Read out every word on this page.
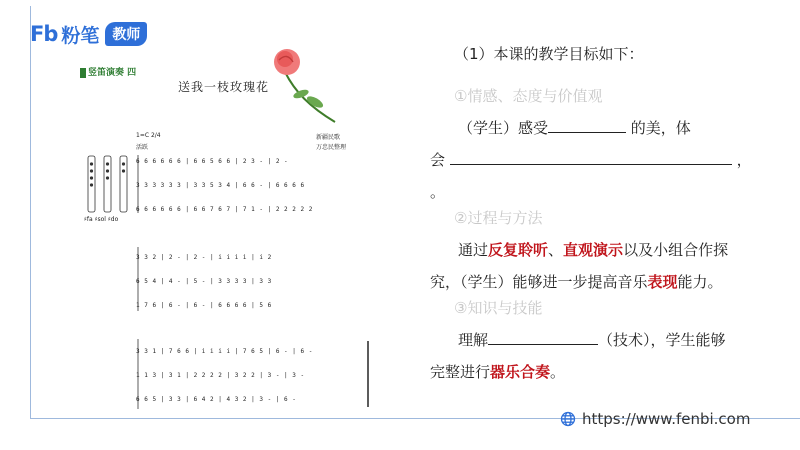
Fb 粉笔 教师
竖笛演奏 四
送我一枝玫瑰花
1=C 2/4
活跃
新疆民歌
万忠民整理
♯fa ♯sol ♯do
6 6 6 6 6 6 | 6 6 5 6 6 | 2 3 - | 2 -
3 3 3 3 3 3 | 3 3 5 3 4 | 6 6 - | 6 6 6 6
6 6 6 6 6 6 | 6 6 7 6 7 | 7 1 - | 2 2 2 2 2
3 3 2 | 2 - | 2 - | i i i i | i 2
6 5 4 | 4 - | 5 - | 3 3 3 3 | 3 3
1 7 6 | 6 - | 6 - | 6 6 6 6 | 5 6
3 3 1 | 7 6 6 | i i i i | 7 6 5 | 6 - | 6 -
1 1 3 | 3 1 | 2 2 2 2 | 3 2 2 | 3 - | 3 -
6 6 5 | 3 3 | 6 4 2 | 4 3 2 | 3 - | 6 -
（1）本课的教学目标如下：
①情感、态度与价值观
（学生）感受	的美，体
会	，
。
②过程与方法
通过反复聆听、直观演示以及小组合作探
究，（学生）能够进一步提高音乐表现能力。
③知识与技能
理解	（技术），学生能够
完整进行器乐合奏。
https://www.fenbi.com
